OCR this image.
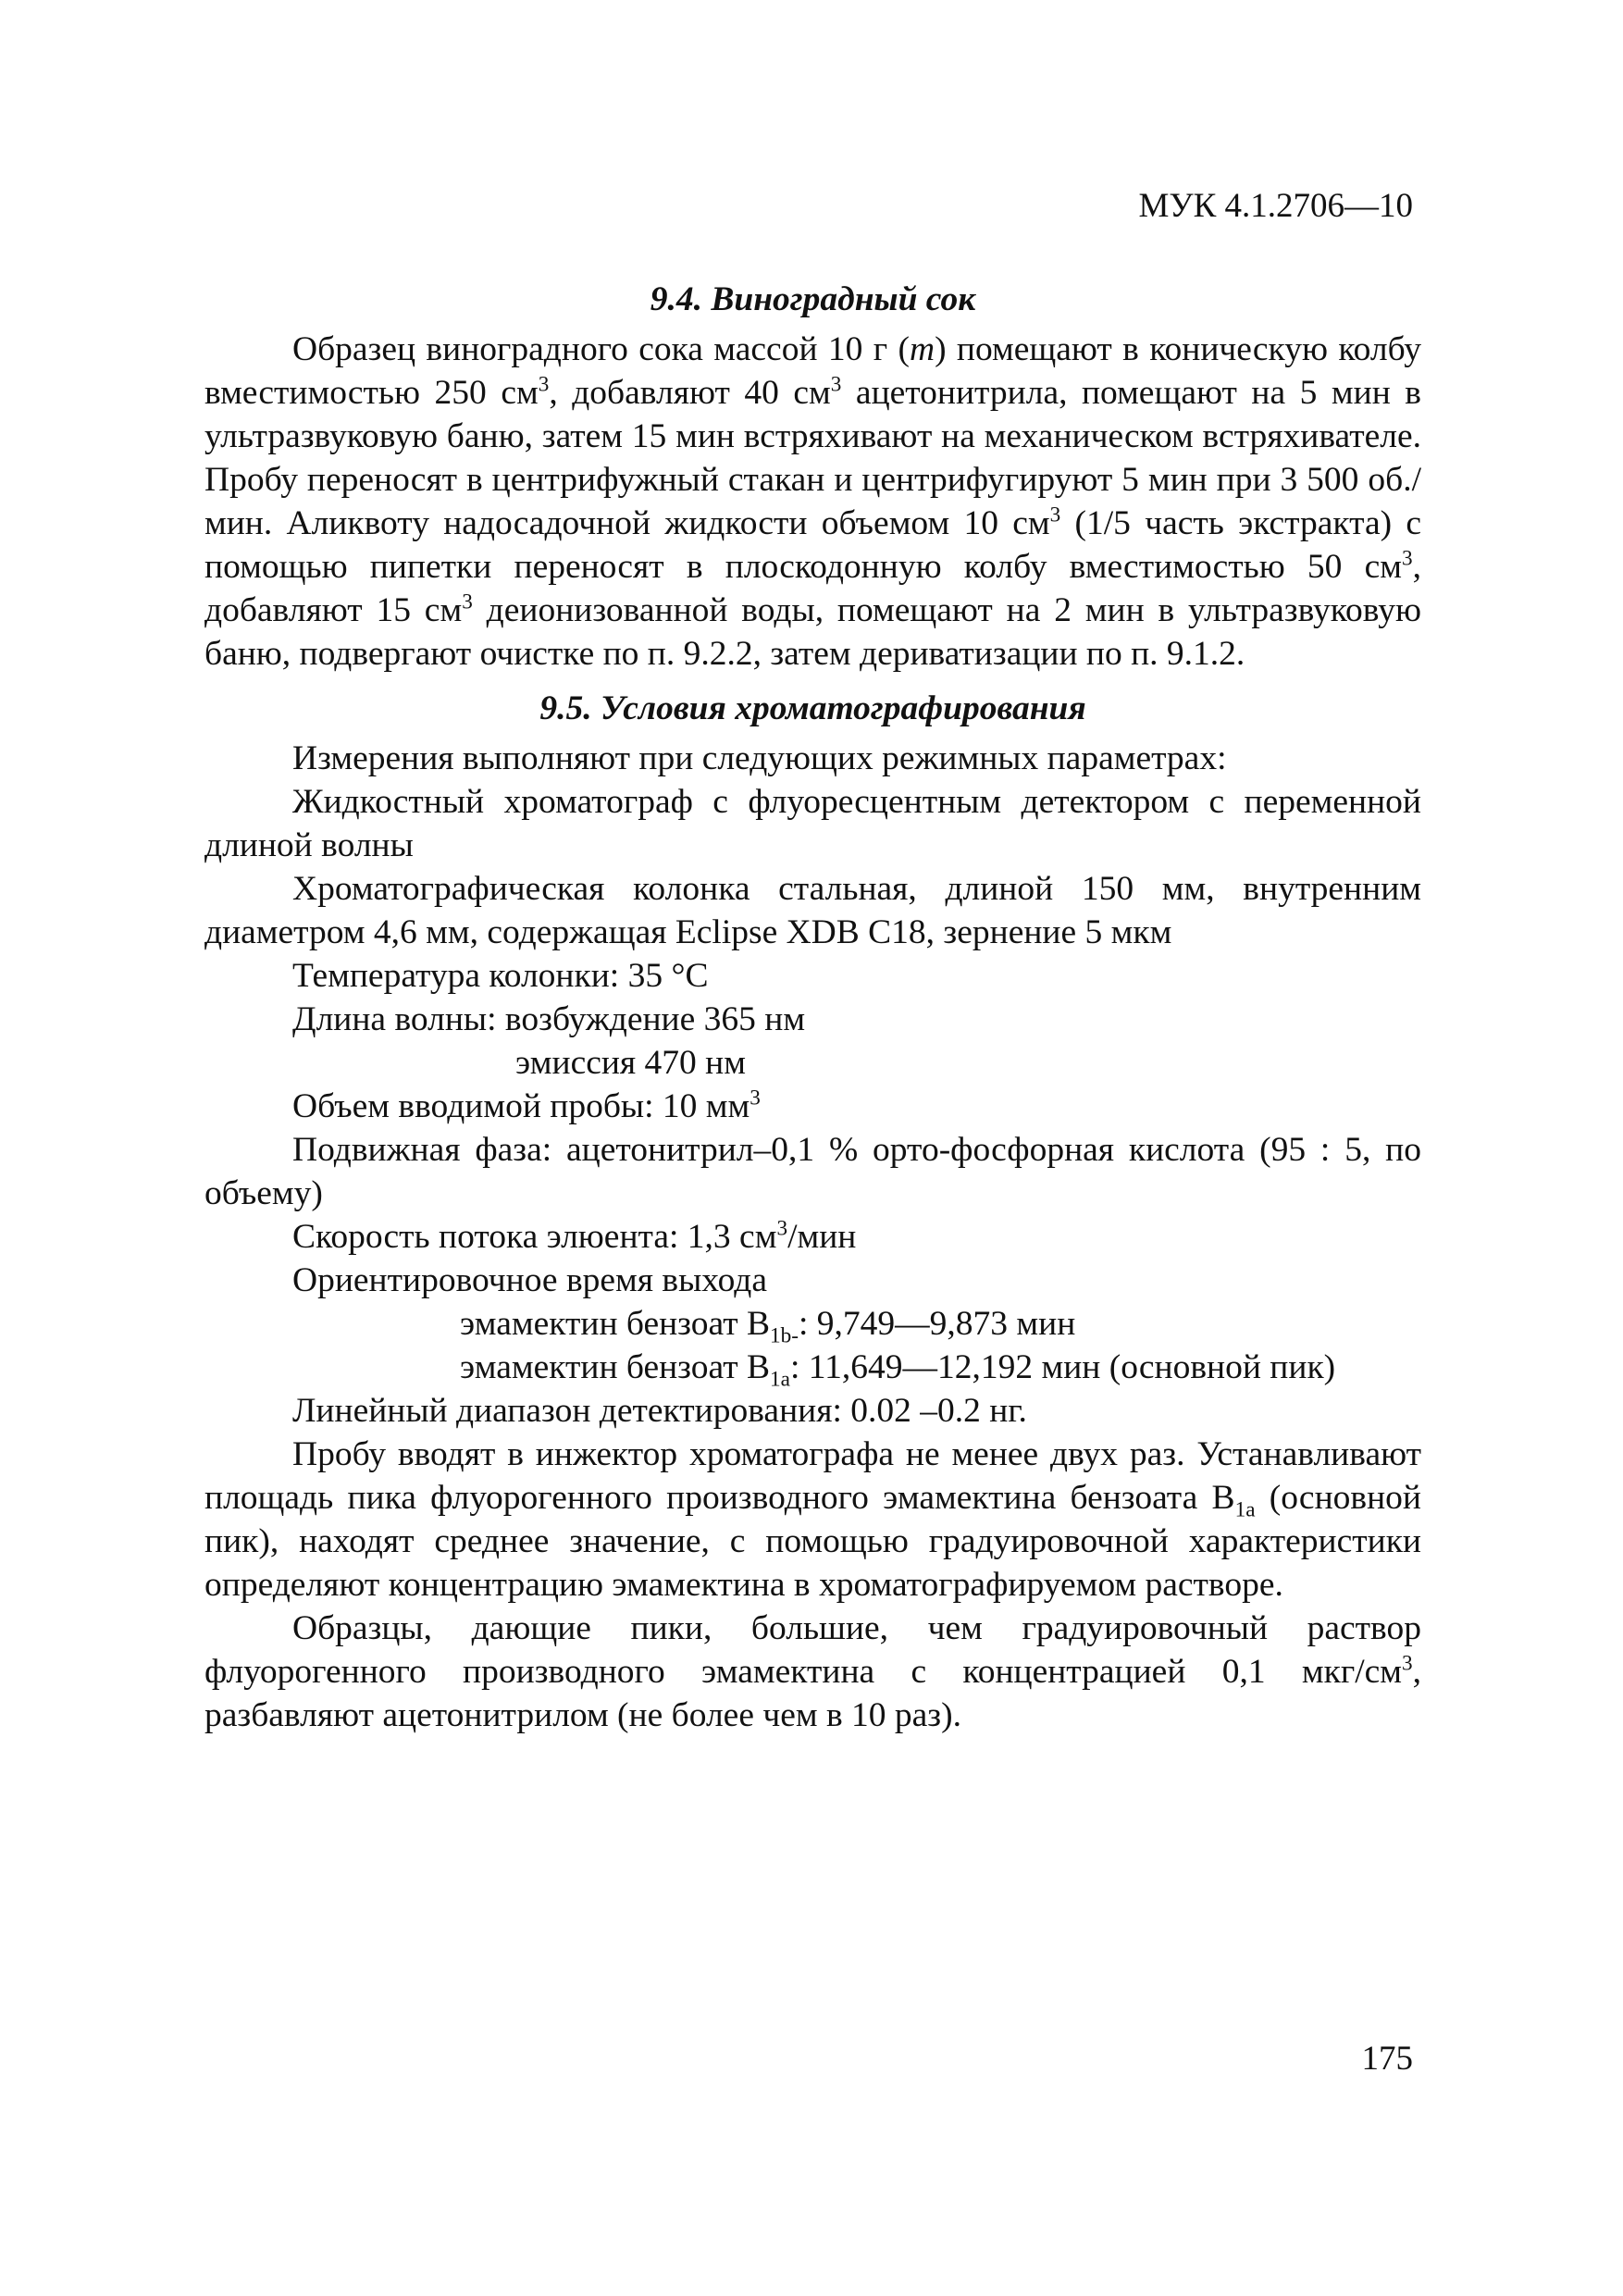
МУК 4.1.2706—10
9.4. Виноградный сок

Образец виноградного сока массой 10 г (m) помещают в коническую колбу вместимостью 250 $см^3$, добавляют 40 $см^3$ ацетонитрила, помещают на 5 мин в ультразвуковую баню, затем 15 мин встряхивают на механическом встряхивателе. Пробу переносят в центрифужный стакан и центрифугируют 5 мин при 3 500 об./мин. Аликвоту надосадочной жидкости объемом 10 $см^3$ (1/5 часть экстракта) с помощью пипетки переносят в плоскодонную колбу вместимостью 50 $см^3$, добавляют 15 $см^3$ деионизованной воды, помещают на 2 мин в ультразвуковую баню, подвергают очистке по п. 9.2.2, затем дериватизации по п. 9.1.2.

9.5. Условия хроматографирования

Измерения выполняют при следующих режимных параметрах:

Жидкостный хроматограф с флуоресцентным детектором с переменной длиной волны

Хроматографическая колонка стальная, длиной 150 мм, внутренним диаметром 4,6 мм, содержащая Eclipse XDB C18, зернение 5 мкм

Температура колонки: 35 °С

Длина волны: возбуждение 365 нм

эмиссия 470 нм

Объем вводимой пробы: 10 $мм^3$

Подвижная фаза: ацетонитрил–0,1 % орто-фосфорная кислота (95 : 5, по объему)

Скорость потока элюента: 1,3 $см^3$/мин

Ориентировочное время выхода

эмамектин бензоат $В_{1b-}$: 9,749—9,873 мин

эмамектин бензоат $В_{1a}$: 11,649—12,192 мин (основной пик)

Линейный диапазон детектирования: 0.02 –0.2 нг.

Пробу вводят в инжектор хроматографа не менее двух раз. Устанавливают площадь пика флуорогенного производного эмамектина бензоата $В_{1a}$ (основной пик), находят среднее значение, с помощью градуировочной характеристики определяют концентрацию эмамектина в хроматографируемом растворе.

Образцы, дающие пики, большие, чем градуировочный раствор флуорогенного производного эмамектина с концентрацией 0,1 мкг/$см^3$, разбавляют ацетонитрилом (не более чем в 10 раз).

175
